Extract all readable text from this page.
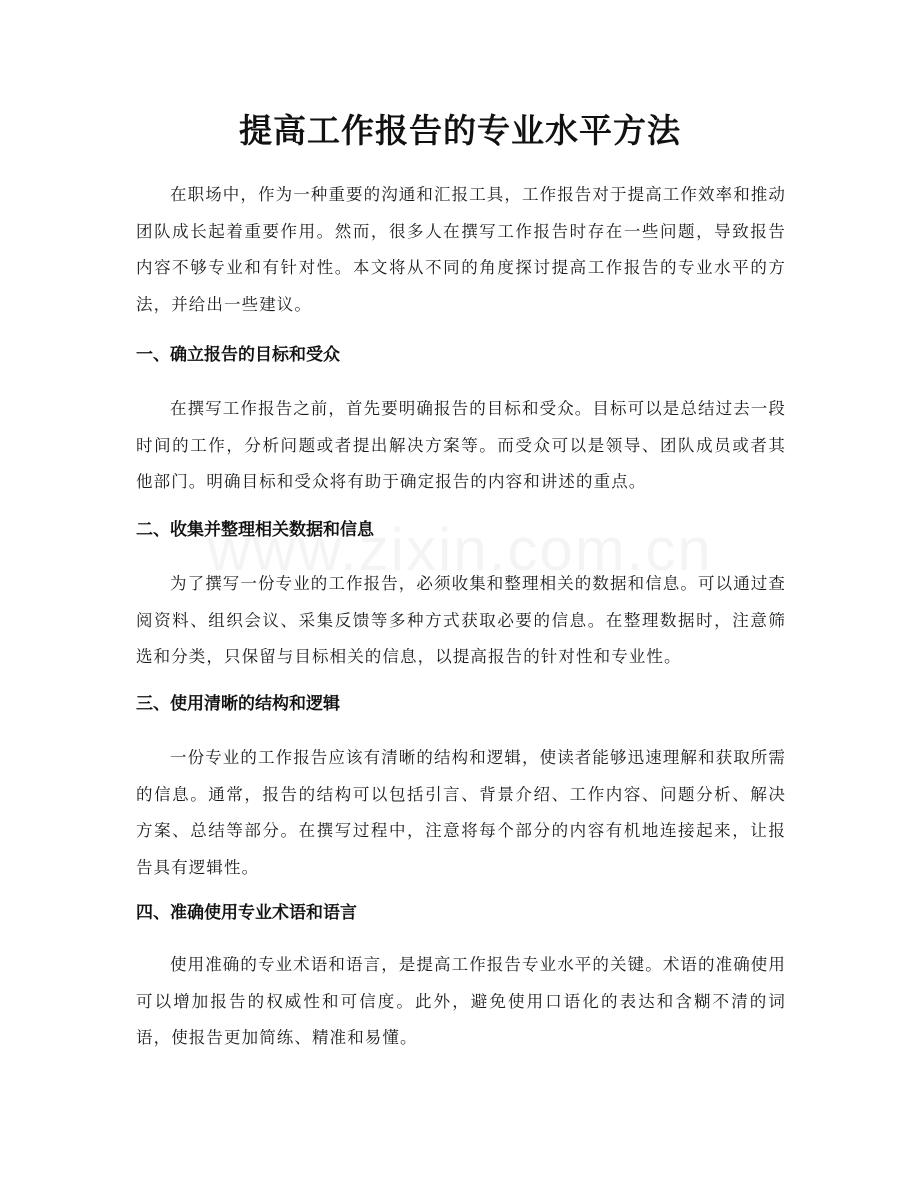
提高工作报告的专业水平方法

在职场中，作为一种重要的沟通和汇报工具，工作报告对于提高工作效率和推动团队成长起着重要作用。然而，很多人在撰写工作报告时存在一些问题，导致报告内容不够专业和有针对性。本文将从不同的角度探讨提高工作报告的专业水平的方法，并给出一些建议。

一、确立报告的目标和受众

在撰写工作报告之前，首先要明确报告的目标和受众。目标可以是总结过去一段时间的工作，分析问题或者提出解决方案等。而受众可以是领导、团队成员或者其他部门。明确目标和受众将有助于确定报告的内容和讲述的重点。

二、收集并整理相关数据和信息

为了撰写一份专业的工作报告，必须收集和整理相关的数据和信息。可以通过查阅资料、组织会议、采集反馈等多种方式获取必要的信息。在整理数据时，注意筛选和分类，只保留与目标相关的信息，以提高报告的针对性和专业性。

三、使用清晰的结构和逻辑

一份专业的工作报告应该有清晰的结构和逻辑，使读者能够迅速理解和获取所需的信息。通常，报告的结构可以包括引言、背景介绍、工作内容、问题分析、解决方案、总结等部分。在撰写过程中，注意将每个部分的内容有机地连接起来，让报告具有逻辑性。

四、准确使用专业术语和语言

使用准确的专业术语和语言，是提高工作报告专业水平的关键。术语的准确使用可以增加报告的权威性和可信度。此外，避免使用口语化的表达和含糊不清的词语，使报告更加简练、精准和易懂。
